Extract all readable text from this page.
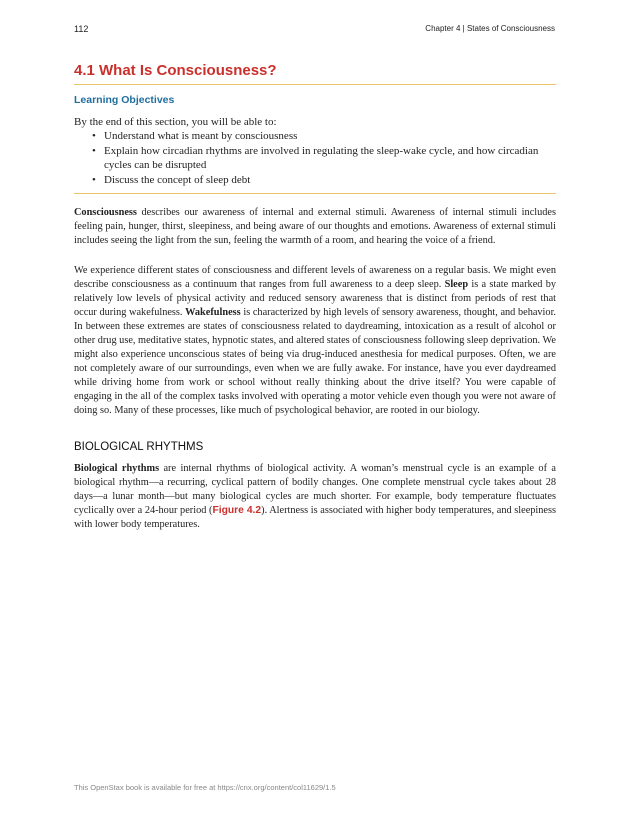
112	Chapter 4 | States of Consciousness
4.1 What Is Consciousness?
Learning Objectives
By the end of this section, you will be able to:
• Understand what is meant by consciousness
• Explain how circadian rhythms are involved in regulating the sleep-wake cycle, and how circadian cycles can be disrupted
• Discuss the concept of sleep debt

Consciousness describes our awareness of internal and external stimuli. Awareness of internal stimuli includes feeling pain, hunger, thirst, sleepiness, and being aware of our thoughts and emotions. Awareness of external stimuli includes seeing the light from the sun, feeling the warmth of a room, and hearing the voice of a friend.

We experience different states of consciousness and different levels of awareness on a regular basis. We might even describe consciousness as a continuum that ranges from full awareness to a deep sleep. Sleep is a state marked by relatively low levels of physical activity and reduced sensory awareness that is distinct from periods of rest that occur during wakefulness. Wakefulness is characterized by high levels of sensory awareness, thought, and behavior. In between these extremes are states of consciousness related to daydreaming, intoxication as a result of alcohol or other drug use, meditative states, hypnotic states, and altered states of consciousness following sleep deprivation. We might also experience unconscious states of being via drug-induced anesthesia for medical purposes. Often, we are not completely aware of our surroundings, even when we are fully awake. For instance, have you ever daydreamed while driving home from work or school without really thinking about the drive itself? You were capable of engaging in the all of the complex tasks involved with operating a motor vehicle even though you were not aware of doing so. Many of these processes, like much of psychological behavior, are rooted in our biology.

BIOLOGICAL RHYTHMS

Biological rhythms are internal rhythms of biological activity. A woman’s menstrual cycle is an example of a biological rhythm—a recurring, cyclical pattern of bodily changes. One complete menstrual cycle takes about 28 days—a lunar month—but many biological cycles are much shorter. For example, body temperature fluctuates cyclically over a 24-hour period (Figure 4.2). Alertness is associated with higher body temperatures, and sleepiness with lower body temperatures.

This OpenStax book is available for free at https://cnx.org/content/col11629/1.5
